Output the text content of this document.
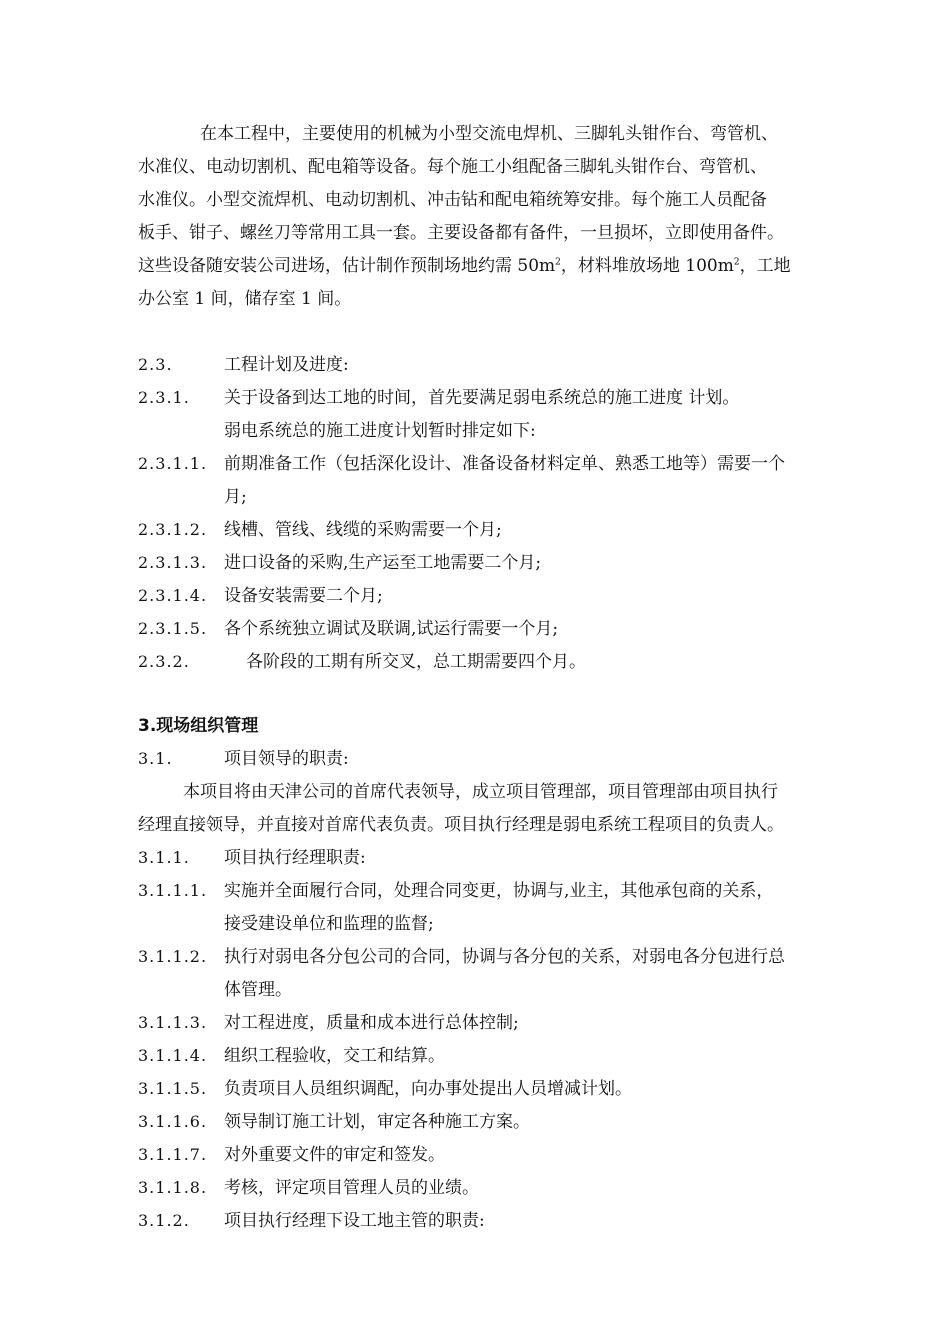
在本工程中，主要使用的机械为小型交流电焊机、三脚轧头钳作台、弯管机、
水准仪、电动切割机、配电箱等设备。每个施工小组配备三脚轧头钳作台、弯管机、
水准仪。小型交流焊机、电动切割机、冲击钻和配电箱统筹安排。每个施工人员配备
板手、钳子、螺丝刀等常用工具一套。主要设备都有备件，一旦损坏，立即使用备件。
这些设备随安装公司进场，估计制作预制场地约需 $50m^2$，材料堆放场地 $100m^2$，工地
办公室 1 间，储存室 1 间。
2.3.	工程计划及进度:
2.3.1. 关于设备到达工地的时间，首先要满足弱电系统总的施工进度 计划。
弱电系统总的施工进度计划暂时排定如下:
2.3.1.1. 前期准备工作（包括深化设计、准备设备材料定单、熟悉工地等）需要一个
月;
2.3.1.2. 线槽、管线、线缆的采购需要一个月;
2.3.1.3. 进口设备的采购,生产运至工地需要二个月;
2.3.1.4. 设备安装需要二个月;
2.3.1.5. 各个系统独立调试及联调,试运行需要一个月;
2.3.2.	各阶段的工期有所交叉，总工期需要四个月。
3.现场组织管理
3.1.	项目领导的职责:
本项目将由天津公司的首席代表领导，成立项目管理部，项目管理部由项目执行
经理直接领导，并直接对首席代表负责。项目执行经理是弱电系统工程项目的负责人。
3.1.1. 项目执行经理职责:
3.1.1.1. 实施并全面履行合同，处理合同变更，协调与,业主，其他承包商的关系，
接受建设单位和监理的监督;
3.1.1.2. 执行对弱电各分包公司的合同，协调与各分包的关系，对弱电各分包进行总
体管理。
3.1.1.3. 对工程进度，质量和成本进行总体控制;
3.1.1.4. 组织工程验收，交工和结算。
3.1.1.5. 负责项目人员组织调配，向办事处提出人员增减计划。
3.1.1.6. 领导制订施工计划，审定各种施工方案。
3.1.1.7. 对外重要文件的审定和签发。
3.1.1.8. 考核，评定项目管理人员的业绩。
3.1.2. 项目执行经理下设工地主管的职责:
